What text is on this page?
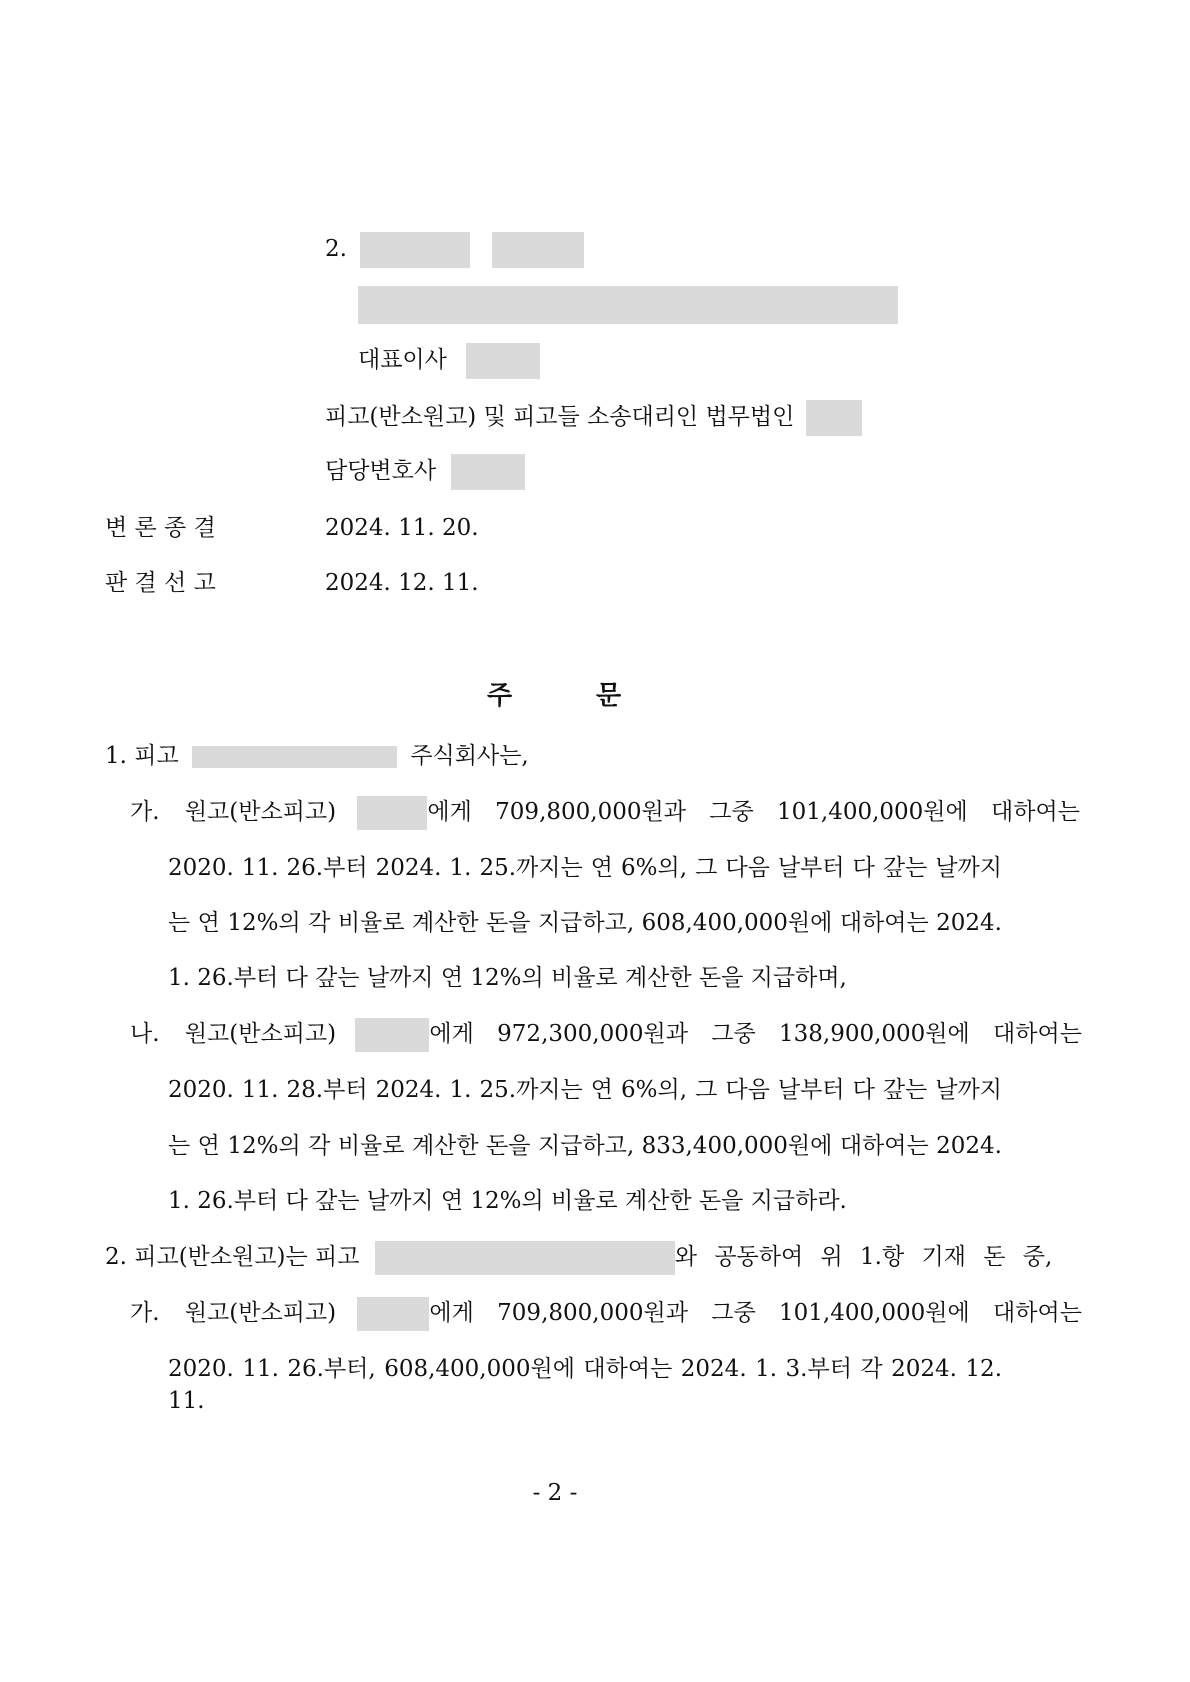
2.
대표이사
피고(반소원고) 및 피고들 소송대리인 법무법인
담당변호사
변 론 종 결	2024. 11. 20.
판 결 선 고	2024. 12. 11.
주	문
1. 피고	주식회사는,
가. 원고(반소피고)	에게 709,800,000원과 그중 101,400,000원에 대하여는
2020. 11. 26.부터 2024. 1. 25.까지는 연 6%의, 그 다음 날부터 다 갚는 날까지
는 연 12%의 각 비율로 계산한 돈을 지급하고, 608,400,000원에 대하여는 2024.
1. 26.부터 다 갚는 날까지 연 12%의 비율로 계산한 돈을 지급하며,
나. 원고(반소피고)	에게 972,300,000원과 그중 138,900,000원에 대하여는
2020. 11. 28.부터 2024. 1. 25.까지는 연 6%의, 그 다음 날부터 다 갚는 날까지
는 연 12%의 각 비율로 계산한 돈을 지급하고, 833,400,000원에 대하여는 2024.
1. 26.부터 다 갚는 날까지 연 12%의 비율로 계산한 돈을 지급하라.
2. 피고(반소원고)는 피고	와 공동하여 위 1.항 기재 돈 중,
가. 원고(반소피고)	에게 709,800,000원과 그중 101,400,000원에 대하여는
2020. 11. 26.부터, 608,400,000원에 대하여는 2024. 1. 3.부터 각 2024. 12. 11.
- 2 -
